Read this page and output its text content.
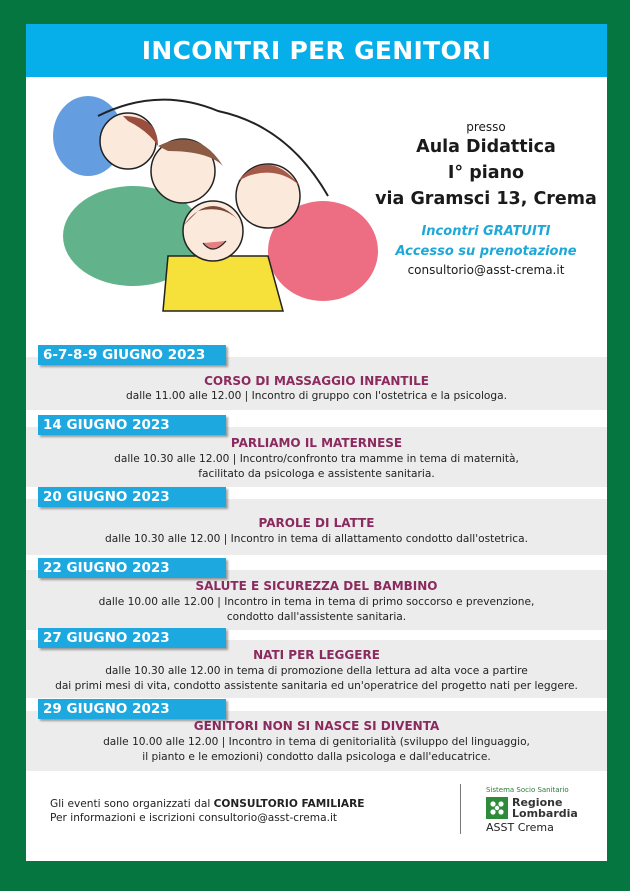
INCONTRI PER GENITORI
presso
Aula Didattica
I° piano
via Gramsci 13, Crema
Incontri GRATUITI
Accesso su prenotazione
consultorio@asst-crema.it
6-7-8-9 GIUGNO 2023
CORSO DI MASSAGGIO INFANTILE
dalle 11.00 alle 12.00 | Incontro di gruppo con l'ostetrica e la psicologa.
14 GIUGNO 2023
PARLIAMO IL MATERNESE
dalle 10.30 alle 12.00 | Incontro/confronto tra mamme in tema di maternità,
facilitato da psicologa e assistente sanitaria.
20 GIUGNO 2023
PAROLE DI LATTE
dalle 10.30 alle 12.00 | Incontro in tema di allattamento condotto dall'ostetrica.
22 GIUGNO 2023
SALUTE E SICUREZZA DEL BAMBINO
dalle 10.00 alle 12.00 | Incontro in tema in tema di primo soccorso e prevenzione,
condotto dall'assistente sanitaria.
27 GIUGNO 2023
NATI PER LEGGERE
dalle 10.30 alle 12.00 in tema di promozione della lettura ad alta voce a partire
dai primi mesi di vita, condotto assistente sanitaria ed un'operatrice del progetto nati per leggere.
29 GIUGNO 2023
GENITORI NON SI NASCE SI DIVENTA
dalle 10.00 alle 12.00 | Incontro in tema di genitorialità (sviluppo del linguaggio,
il pianto e le emozioni) condotto dalla psicologa e dall'educatrice.
Gli eventi sono organizzati dal CONSULTORIO FAMILIARE
Per informazioni e iscrizioni consultorio@asst-crema.it
Sistema Socio Sanitario
Regione
Lombardia
ASST Crema
